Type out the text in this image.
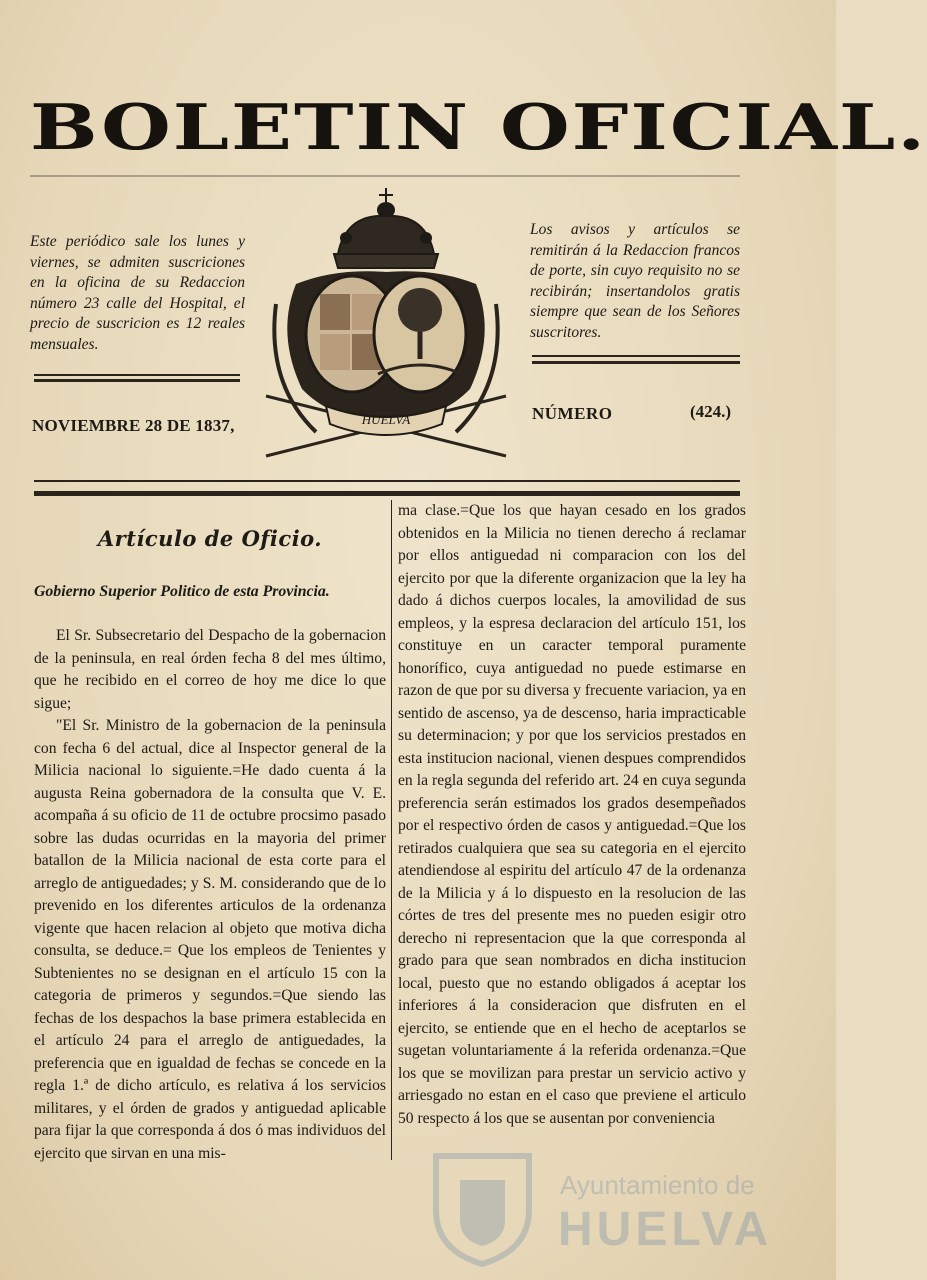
BOLETIN OFICIAL.
Este periódico sale los lunes y viernes, se admiten suscriciones en la oficina de su Redaccion número 23 calle del Hospital, el precio de suscricion es 12 reales mensuales.
Los avisos y artículos se remitirán á la Redaccion francos de porte, sin cuyo requisito no se recibirán; insertandolos gratis siempre que sean de los Señores suscritores.
HUELVA
NOVIEMBRE 28 DE 1837,
NÚMERO	(424.)
Artículo de Oficio.
Gobierno Superior Politico de esta Provincia.

El Sr. Subsecretario del Despacho de la gobernacion de la peninsula, en real órden fecha 8 del mes último, que he recibido en el correo de hoy me dice lo que sigue;

"El Sr. Ministro de la gobernacion de la peninsula con fecha 6 del actual, dice al Inspector general de la Milicia nacional lo siguiente.=He dado cuenta á la augusta Reina gobernadora de la consulta que V. E. acompaña á su oficio de 11 de octubre procsimo pasado sobre las dudas ocurridas en la mayoria del primer batallon de la Milicia nacional de esta corte para el arreglo de antiguedades; y S. M. considerando que de lo prevenido en los diferentes articulos de la ordenanza vigente que hacen relacion al objeto que motiva dicha consulta, se deduce.= Que los empleos de Tenientes y Subtenientes no se designan en el artículo 15 con la categoria de primeros y segundos.=Que siendo las fechas de los despachos la base primera establecida en el artículo 24 para el arreglo de antiguedades, la preferencia que en igualdad de fechas se concede en la regla 1.ª de dicho artículo, es relativa á los servicios militares, y el órden de grados y antiguedad aplicable para fijar la que corresponda á dos ó mas individuos del ejercito que sirvan en una mis-

ma clase.=Que los que hayan cesado en los grados obtenidos en la Milicia no tienen derecho á reclamar por ellos antiguedad ni comparacion con los del ejercito por que la diferente organizacion que la ley ha dado á dichos cuerpos locales, la amovilidad de sus empleos, y la espresa declaracion del artículo 151, los constituye en un caracter temporal puramente honorífico, cuya antiguedad no puede estimarse en razon de que por su diversa y frecuente variacion, ya en sentido de ascenso, ya de descenso, haria impracticable su determinacion; y por que los servicios prestados en esta institucion nacional, vienen despues comprendidos en la regla segunda del referido art. 24 en cuya segunda preferencia serán estimados los grados desempeñados por el respectivo órden de casos y antiguedad.=Que los retirados cualquiera que sea su categoria en el ejercito atendiendose al espiritu del artículo 47 de la ordenanza de la Milicia y á lo dispuesto en la resolucion de las córtes de tres del presente mes no pueden esigir otro derecho ni representacion que la que corresponda al grado para que sean nombrados en dicha institucion local, puesto que no estando obligados á aceptar los inferiores á la consideracion que disfruten en el ejercito, se entiende que en el hecho de aceptarlos se sugetan voluntariamente á la referida ordenanza.=Que los que se movilizan para prestar un servicio activo y arriesgado no estan en el caso que previene el articulo 50 respecto á los que se ausentan por conveniencia

Ayuntamiento de
HUELVA
